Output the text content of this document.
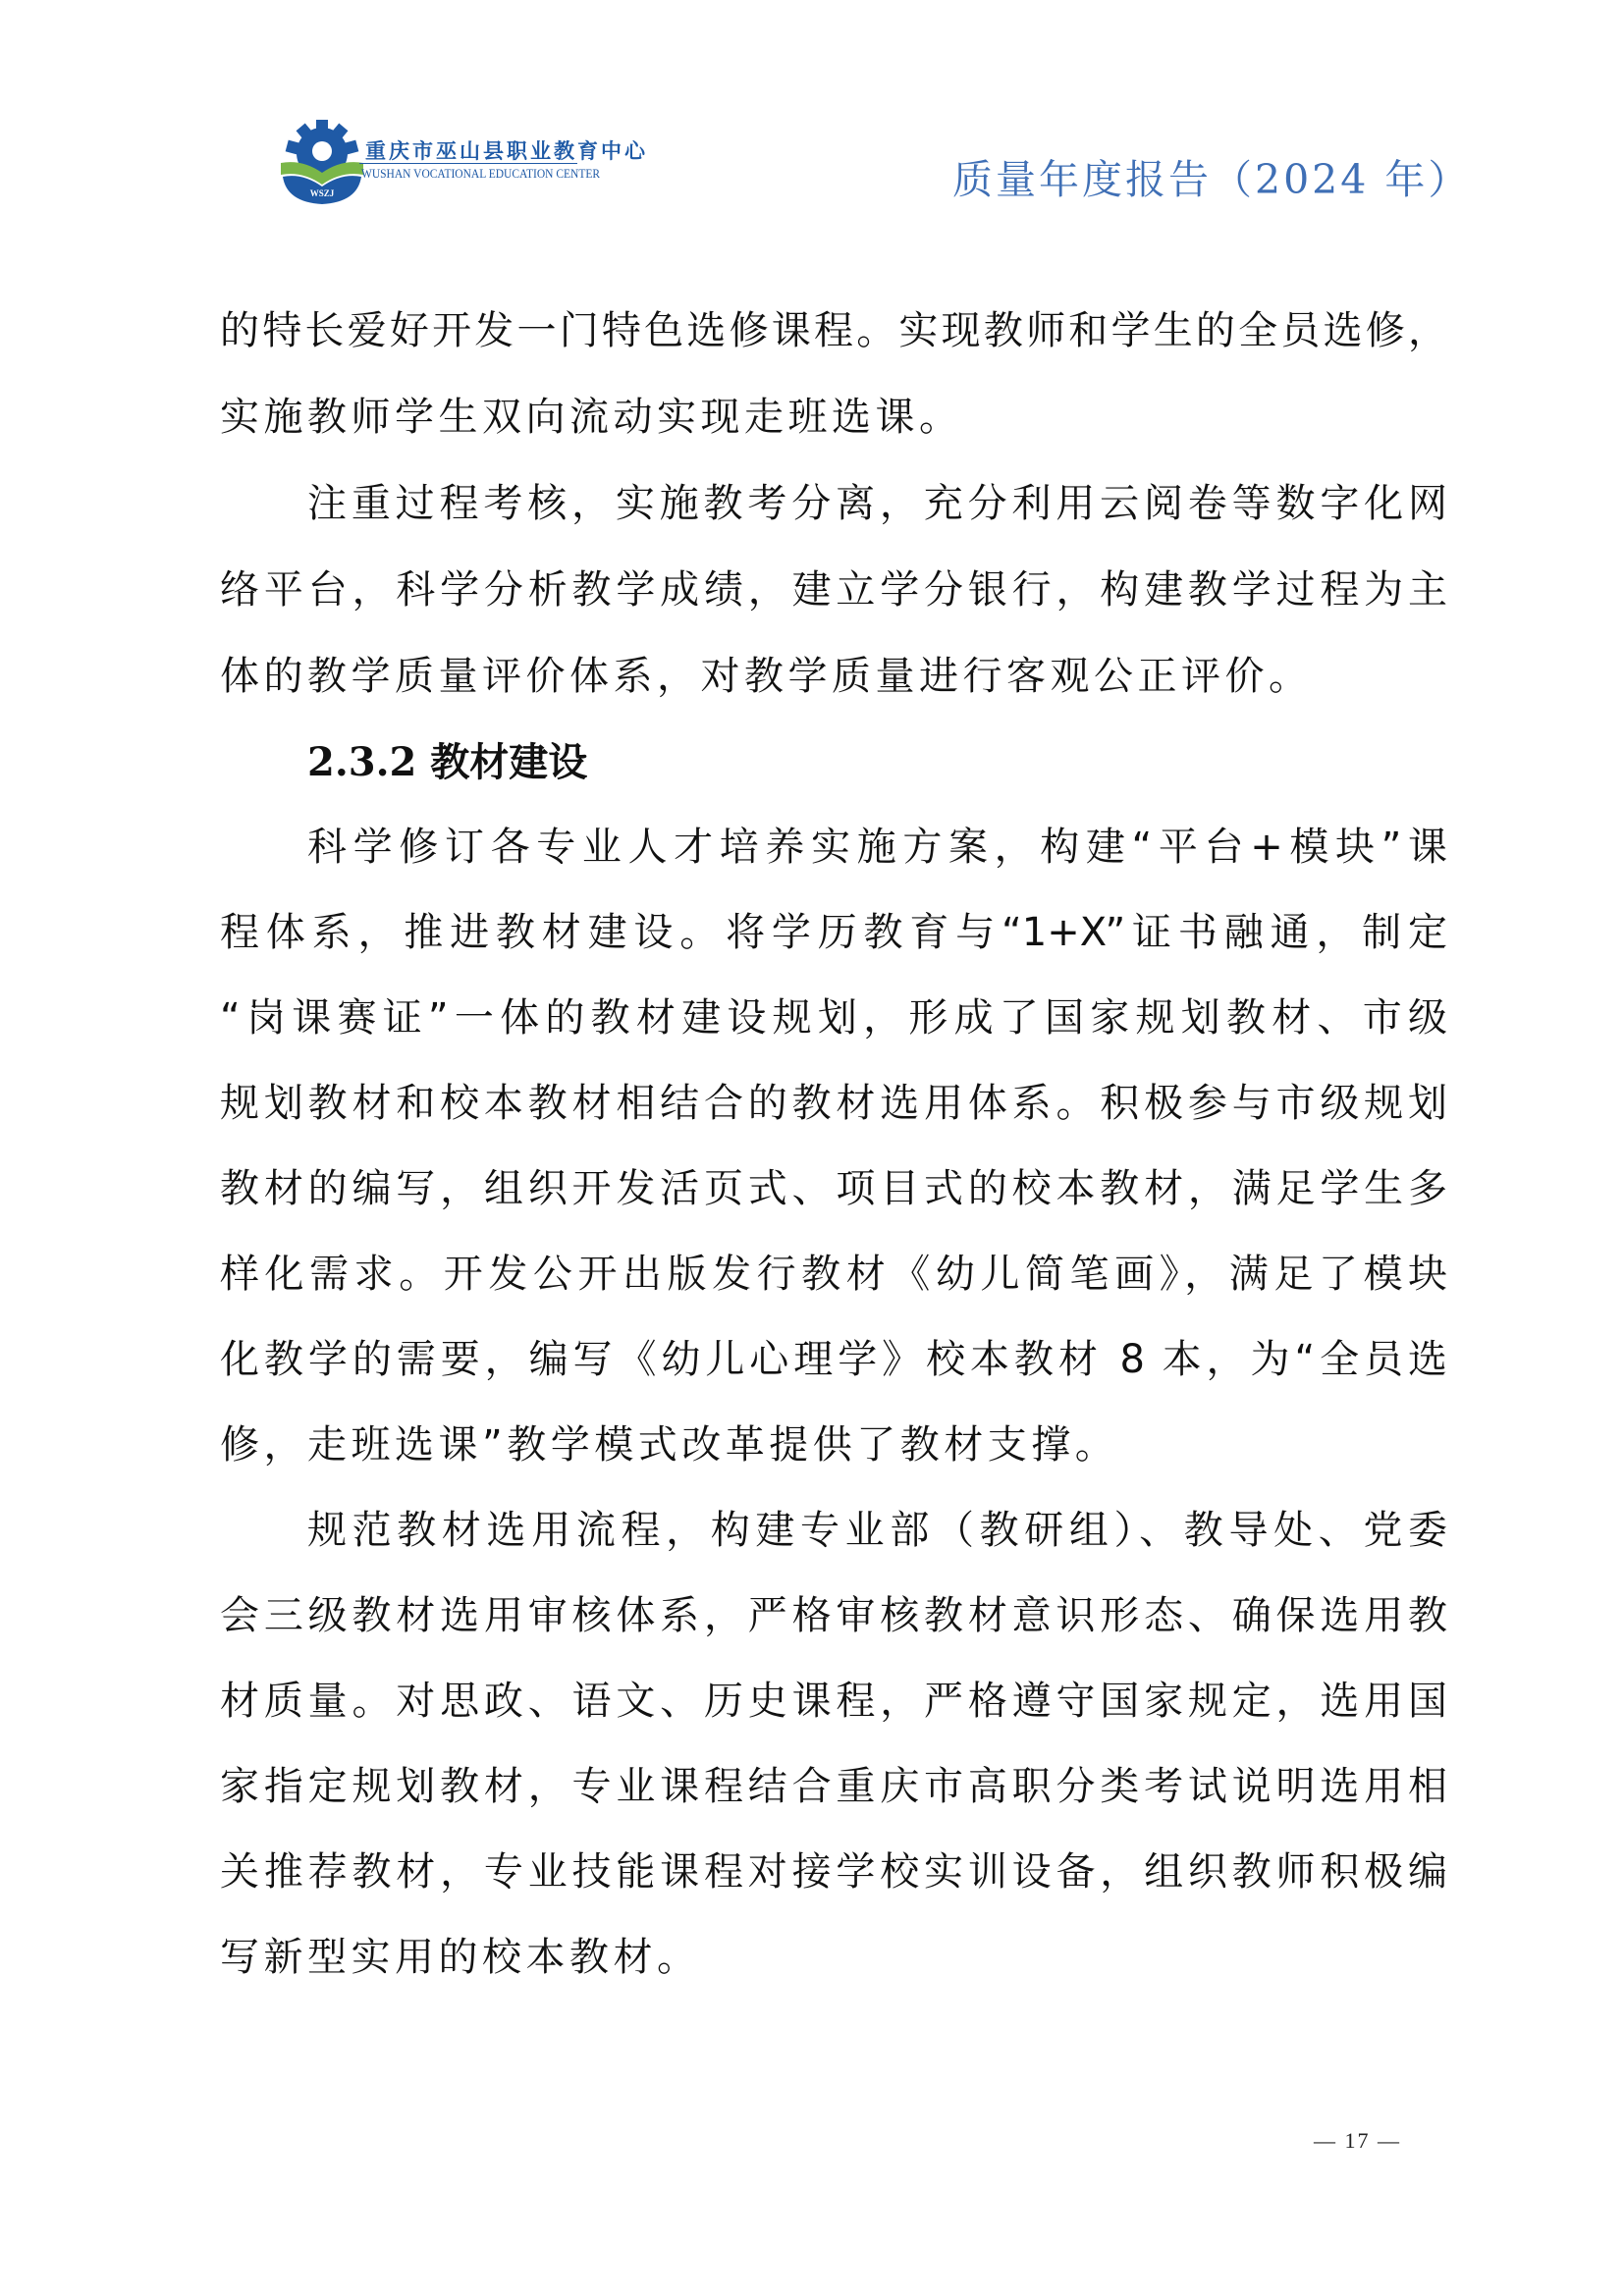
WSZJ
重庆市巫山县职业教育中心
WUSHAN VOCATIONAL EDUCATION CENTER	质量年度报告（2024 年）
的特长爱好开发一门特色选修课程。实现教师和学生的全员选修，
实施教师学生双向流动实现走班选课。
注重过程考核，实施教考分离，充分利用云阅卷等数字化网
络平台，科学分析教学成绩，建立学分银行，构建教学过程为主
体的教学质量评价体系，对教学质量进行客观公正评价。
2.3.2 教材建设
科学修订各专业人才培养实施方案，构建“平台+模块”课
程体系，推进教材建设。将学历教育与“1+X”证书融通，制定
“岗课赛证”一体的教材建设规划，形成了国家规划教材、市级
规划教材和校本教材相结合的教材选用体系。积极参与市级规划
教材的编写，组织开发活页式、项目式的校本教材，满足学生多
样化需求。开发公开出版发行教材《幼儿简笔画》，满足了模块
化教学的需要，编写《幼儿心理学》校本教材 8 本，为“全员选
修，走班选课”教学模式改革提供了教材支撑。
规范教材选用流程，构建专业部（教研组）、教导处、党委
会三级教材选用审核体系，严格审核教材意识形态、确保选用教
材质量。对思政、语文、历史课程，严格遵守国家规定，选用国
家指定规划教材，专业课程结合重庆市高职分类考试说明选用相
关推荐教材，专业技能课程对接学校实训设备，组织教师积极编
写新型实用的校本教材。
— 17 —
